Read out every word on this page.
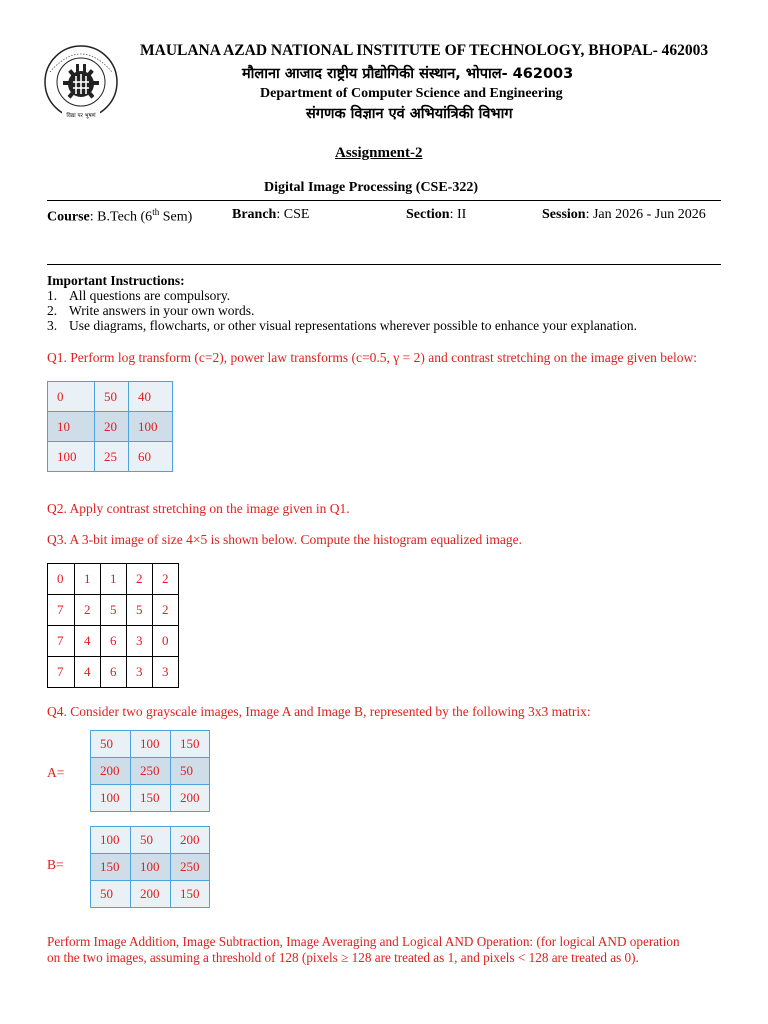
विद्या पर भूषणं
MAULANA AZAD NATIONAL INSTITUTE OF TECHNOLOGY, BHOPAL- 462003
मौलाना आजाद राष्ट्रीय प्रौद्योगिकी संस्थान, भोपाल- 462003
Department of Computer Science and Engineering
संगणक विज्ञान एवं अभियांत्रिकी विभाग
Assignment-2
Digital Image Processing (CSE-322)
Course: B.Tech (6th Sem)	Branch: CSE	Section: II	Session: Jan 2026 - Jun 2026
Important Instructions:
1. All questions are compulsory.
2. Write answers in your own words.
3. Use diagrams, flowcharts, or other visual representations wherever possible to enhance your explanation.
Q1. Perform log transform (c=2), power law transforms (c=0.5, γ = 2) and contrast stretching on the image given below:
0	50	40
10	20	100
100	25	60
Q2. Apply contrast stretching on the image given in Q1.
Q3. A 3-bit image of size 4×5 is shown below. Compute the histogram equalized image.
0	1	1	2	2
7	2	5	5	2
7	4	6	3	0
7	4	6	3	3
Q4. Consider two grayscale images, Image A and Image B, represented by the following 3x3 matrix:
A=
50	100	150
200	250	50
100	150	200
B=
100	50	200
150	100	250
50	200	150
Perform Image Addition, Image Subtraction, Image Averaging and Logical AND Operation: (for logical AND operation
on the two images, assuming a threshold of 128 (pixels ≥ 128 are treated as 1, and pixels < 128 are treated as 0).
